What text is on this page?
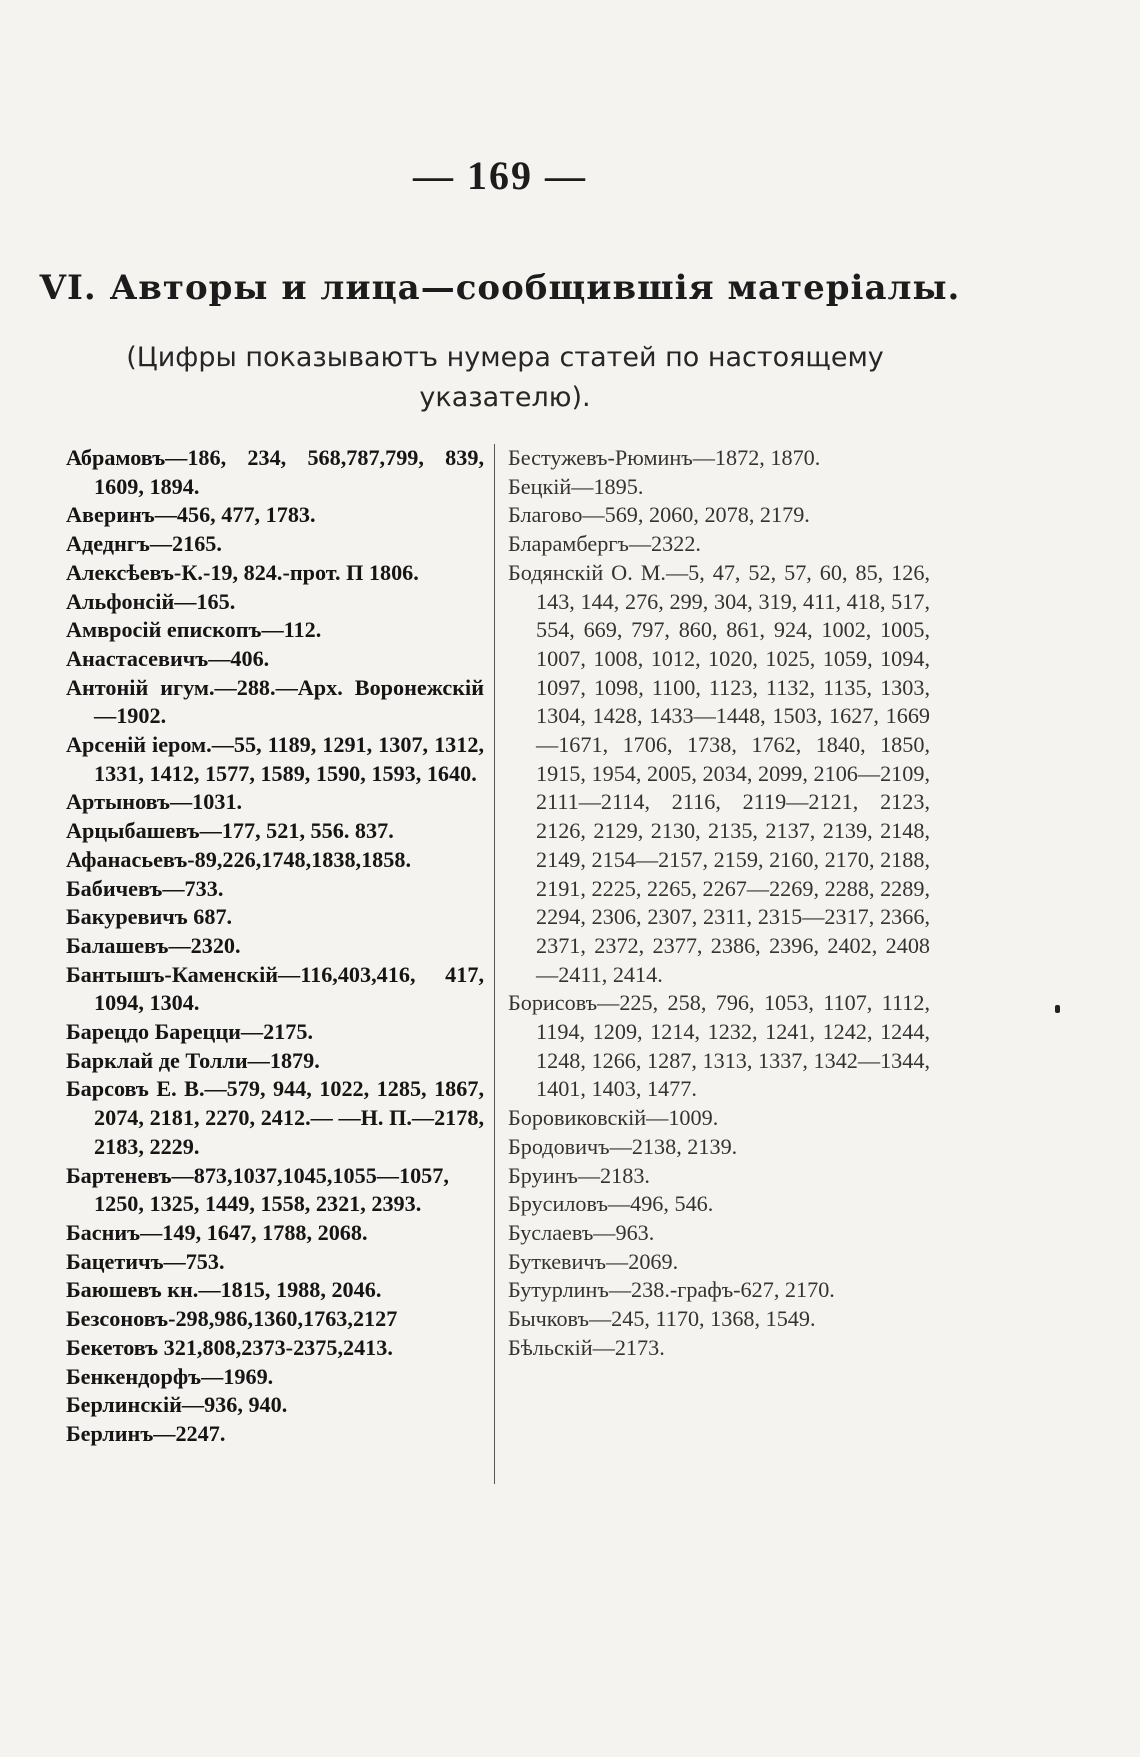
— 169 —
VI. Авторы и лица—сообщившія матеріалы.
(Цифры показываютъ нумера статей по настоящему указателю).

Абрамовъ—186, 234, 568,787,799, 839, 1609, 1894.

Аверинъ—456, 477, 1783.

Адеднгъ—2165.

Алексѣевъ-К.-19, 824.-прот. П 1806.

Альфонсій—165.

Амвросій епископъ—112.

Анастасевичъ—406.

Антоній игум.—288.—Арх. Воронежскій—1902.

Арсеній іером.—55, 1189, 1291, 1307, 1312, 1331, 1412, 1577, 1589, 1590, 1593, 1640.

Артыновъ—1031.

Арцыбашевъ—177, 521, 556. 837.

Афанасьевъ-89,226,1748,1838,1858.

Бабичевъ—733.

Бакуревичъ 687.

Балашевъ—2320.

Бантышъ-Каменскій—116,403,416, 417, 1094, 1304.

Барецдо Барецци—2175.

Барклай де Толли—1879.

Барсовъ Е. В.—579, 944, 1022, 1285, 1867, 2074, 2181, 2270, 2412.— —Н. П.—2178, 2183, 2229.

Бартеневъ—873,1037,1045,1055—1057, 1250, 1325, 1449, 1558, 2321, 2393.

Басниъ—149, 1647, 1788, 2068.

Бацетичъ—753.

Баюшевъ кн.—1815, 1988, 2046.

Безсоновъ-298,986,1360,1763,2127

Бекетовъ 321,808,2373-2375,2413.

Бенкендорфъ—1969.

Берлинскій—936, 940.

Берлинъ—2247.

Бестужевъ-Рюминъ—1872, 1870.

Бецкій—1895.

Благово—569, 2060, 2078, 2179.

Бларамбергъ—2322.

Бодянскій О. М.—5, 47, 52, 57, 60, 85, 126, 143, 144, 276, 299, 304, 319, 411, 418, 517, 554, 669, 797, 860, 861, 924, 1002, 1005, 1007, 1008, 1012, 1020, 1025, 1059, 1094, 1097, 1098, 1100, 1123, 1132, 1135, 1303, 1304, 1428, 1433—1448, 1503, 1627, 1669—1671, 1706, 1738, 1762, 1840, 1850, 1915, 1954, 2005, 2034, 2099, 2106—2109, 2111—2114, 2116, 2119—2121, 2123, 2126, 2129, 2130, 2135, 2137, 2139, 2148, 2149, 2154—2157, 2159, 2160, 2170, 2188, 2191, 2225, 2265, 2267—2269, 2288, 2289, 2294, 2306, 2307, 2311, 2315—2317, 2366, 2371, 2372, 2377, 2386, 2396, 2402, 2408—2411, 2414.

Борисовъ—225, 258, 796, 1053, 1107, 1112, 1194, 1209, 1214, 1232, 1241, 1242, 1244, 1248, 1266, 1287, 1313, 1337, 1342—1344, 1401, 1403, 1477.

Боровиковскій—1009.

Бродовичъ—2138, 2139.

Бруинъ—2183.

Брусиловъ—496, 546.

Буслаевъ—963.

Буткевичъ—2069.

Бутурлинъ—238.-графъ-627, 2170.

Бычковъ—245, 1170, 1368, 1549.

Бѣльскій—2173.
